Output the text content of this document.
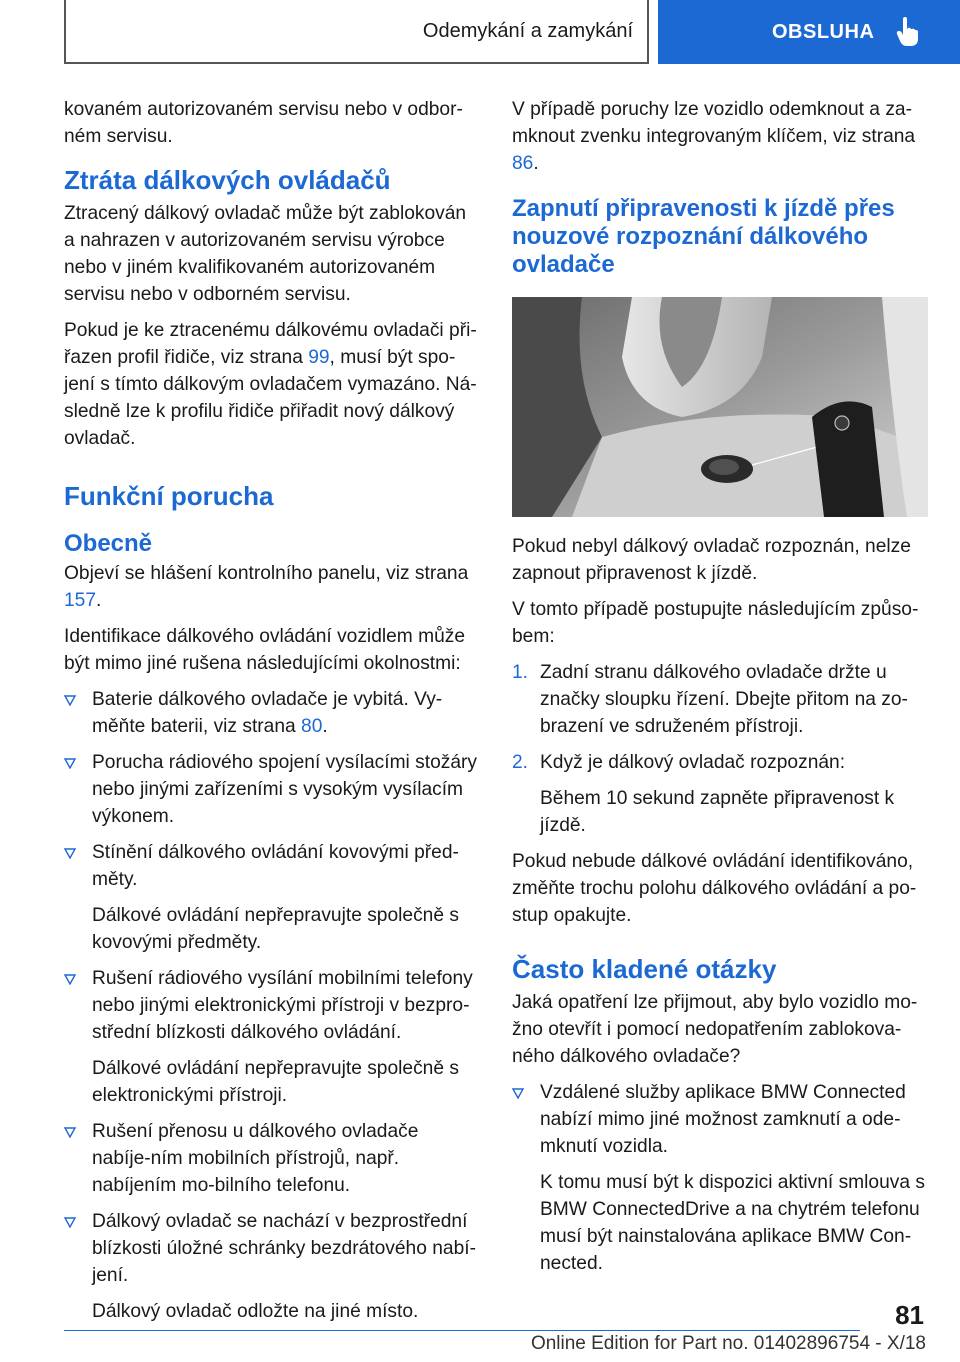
Odemykání a zamykání	OBSLUHA

kovaném autorizovaném servisu nebo v odbor-ném servisu.

Ztráta dálkových ovládačů

Ztracený dálkový ovladač může být zablokován a nahrazen v autorizovaném servisu výrobce nebo v jiném kvalifikovaném autorizovaném servisu nebo v odborném servisu.

Pokud je ke ztracenému dálkovému ovladači při-řazen profil řidiče, viz strana 99, musí být spo-jení s tímto dálkovým ovladačem vymazáno. Ná-sledně lze k profilu řidiče přiřadit nový dálkový ovladač.

Funkční porucha
Obecně

Objeví se hlášení kontrolního panelu, viz strana 157.

Identifikace dálkového ovládání vozidlem může být mimo jiné rušena následujícími okolnostmi:

Baterie dálkového ovladače je vybitá. Vy-měňte baterii, viz strana 80.

Porucha rádiového spojení vysílacími stožáry nebo jinými zařízeními s vysokým vysílacím výkonem.

Stínění dálkového ovládání kovovými před-měty.

Dálkové ovládání nepřepravujte společně s kovovými předměty.

Rušení rádiového vysílání mobilními telefony nebo jinými elektronickými přístroji v bezpro-střední blízkosti dálkového ovládání.

Dálkové ovládání nepřepravujte společně s elektronickými přístroji.

Rušení přenosu u dálkového ovladače nabíje-ním mobilních přístrojů, např. nabíjením mo-bilního telefonu.

Dálkový ovladač se nachází v bezprostřední blízkosti úložné schránky bezdrátového nabí-jení.

Dálkový ovladač odložte na jiné místo.

V případě poruchy lze vozidlo odemknout a za-mknout zvenku integrovaným klíčem, viz strana 86.

Zapnutí připravenosti k jízdě přes nouzové rozpoznání dálkového ovladače

Pokud nebyl dálkový ovladač rozpoznán, nelze zapnout připravenost k jízdě.

V tomto případě postupujte následujícím způso-bem:

1. Zadní stranu dálkového ovladače držte u značky sloupku řízení. Dbejte přitom na zo-brazení ve sdruženém přístroji.

2. Když je dálkový ovladač rozpoznán:

Během 10 sekund zapněte připravenost k jízdě.

Pokud nebude dálkové ovládání identifikováno, změňte trochu polohu dálkového ovládání a po-stup opakujte.

Často kladené otázky

Jaká opatření lze přijmout, aby bylo vozidlo mo-žno otevřít i pomocí nedopatřením zablokova-ného dálkového ovladače?

Vzdálené služby aplikace BMW Connected nabízí mimo jiné možnost zamknutí a ode-mknutí vozidla.

K tomu musí být k dispozici aktivní smlouva s BMW ConnectedDrive a na chytrém telefonu musí být nainstalována aplikace BMW Con-nected.

81
Online Edition for Part no. 01402896754 - X/18
